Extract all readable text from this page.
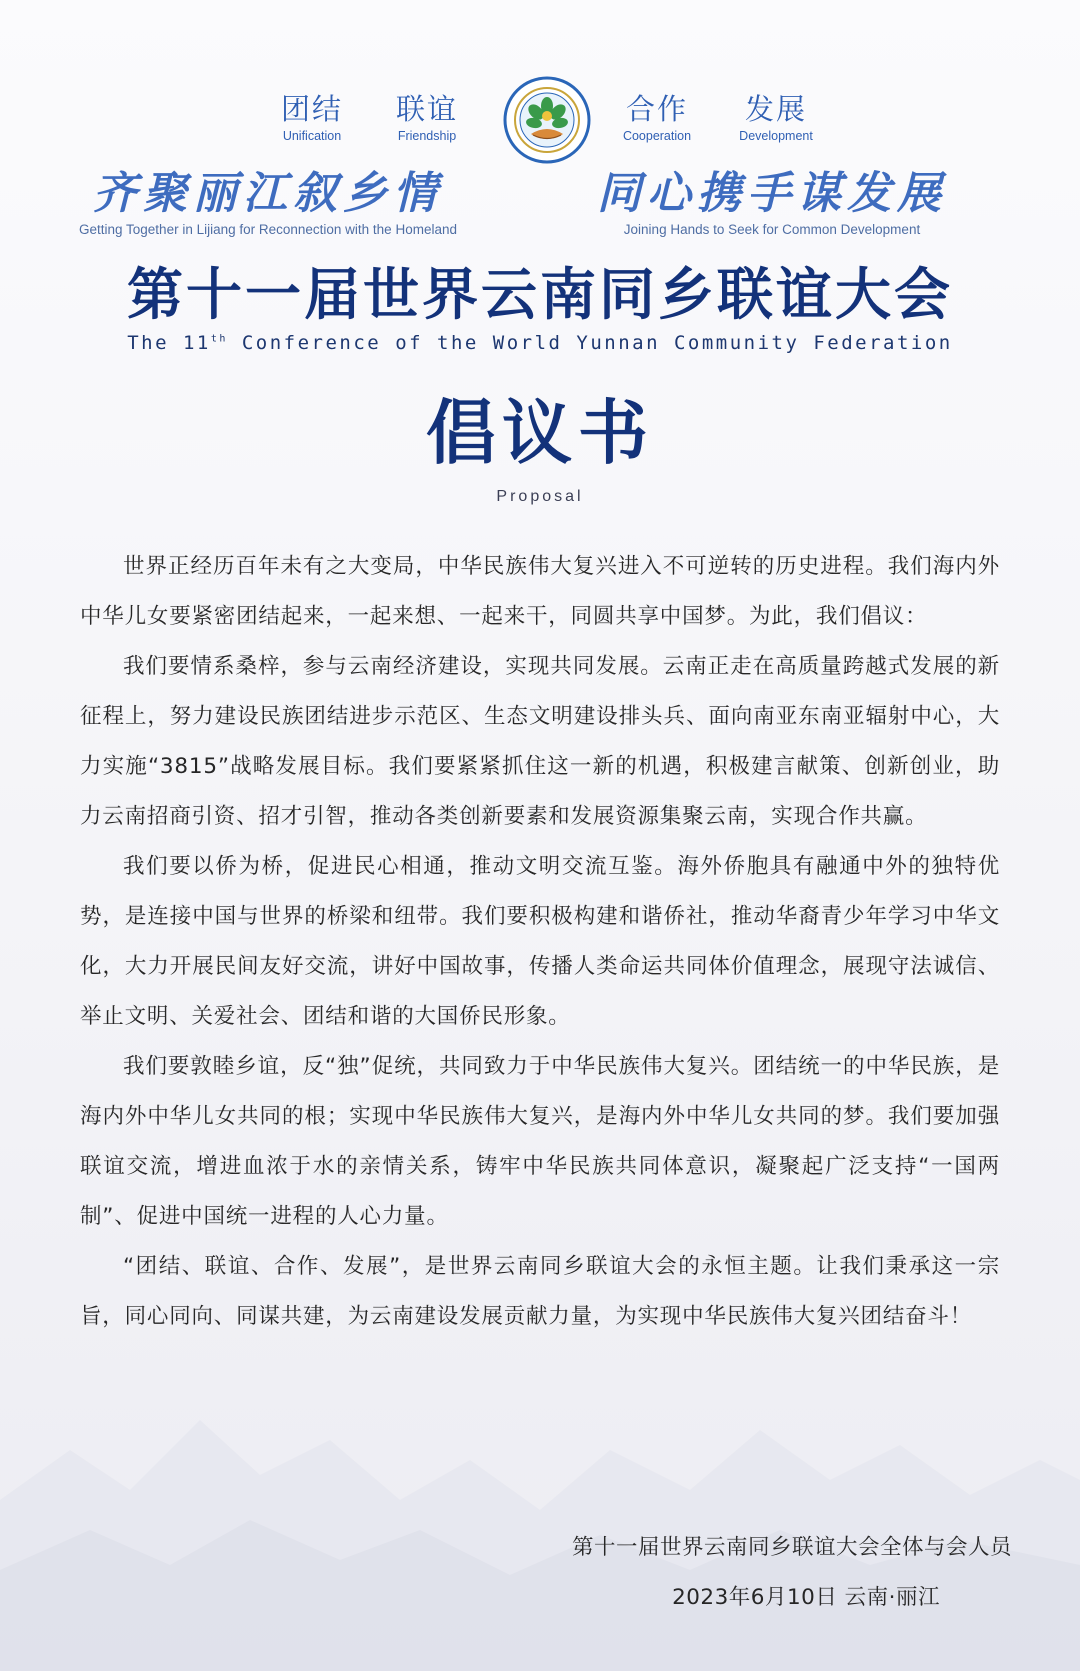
团结
Unification
联谊
Friendship
合作
Cooperation
发展
Development
齐聚丽江叙乡情
Getting Together in Lijiang for Reconnection with the Homeland
同心携手谋发展
Joining Hands to Seek for Common Development
第十一届世界云南同乡联谊大会
The 11th Conference of the World Yunnan Community Federation
倡议书
Proposal

世界正经历百年未有之大变局，中华民族伟大复兴进入不可逆转的历史进程。我们海内外中华儿女要紧密团结起来，一起来想、一起来干，同圆共享中国梦。为此，我们倡议：

我们要情系桑梓，参与云南经济建设，实现共同发展。云南正走在高质量跨越式发展的新征程上，努力建设民族团结进步示范区、生态文明建设排头兵、面向南亚东南亚辐射中心，大力实施“3815”战略发展目标。我们要紧紧抓住这一新的机遇，积极建言献策、创新创业，助力云南招商引资、招才引智，推动各类创新要素和发展资源集聚云南，实现合作共赢。

我们要以侨为桥，促进民心相通，推动文明交流互鉴。海外侨胞具有融通中外的独特优势，是连接中国与世界的桥梁和纽带。我们要积极构建和谐侨社，推动华裔青少年学习中华文化，大力开展民间友好交流，讲好中国故事，传播人类命运共同体价值理念，展现守法诚信、举止文明、关爱社会、团结和谐的大国侨民形象。

我们要敦睦乡谊，反“独”促统，共同致力于中华民族伟大复兴。团结统一的中华民族，是海内外中华儿女共同的根；实现中华民族伟大复兴，是海内外中华儿女共同的梦。我们要加强联谊交流，增进血浓于水的亲情关系，铸牢中华民族共同体意识，凝聚起广泛支持“一国两制”、促进中国统一进程的人心力量。

“团结、联谊、合作、发展”，是世界云南同乡联谊大会的永恒主题。让我们秉承这一宗旨，同心同向、同谋共建，为云南建设发展贡献力量，为实现中华民族伟大复兴团结奋斗！

第十一届世界云南同乡联谊大会全体与会人员
2023年6月10日 云南·丽江
